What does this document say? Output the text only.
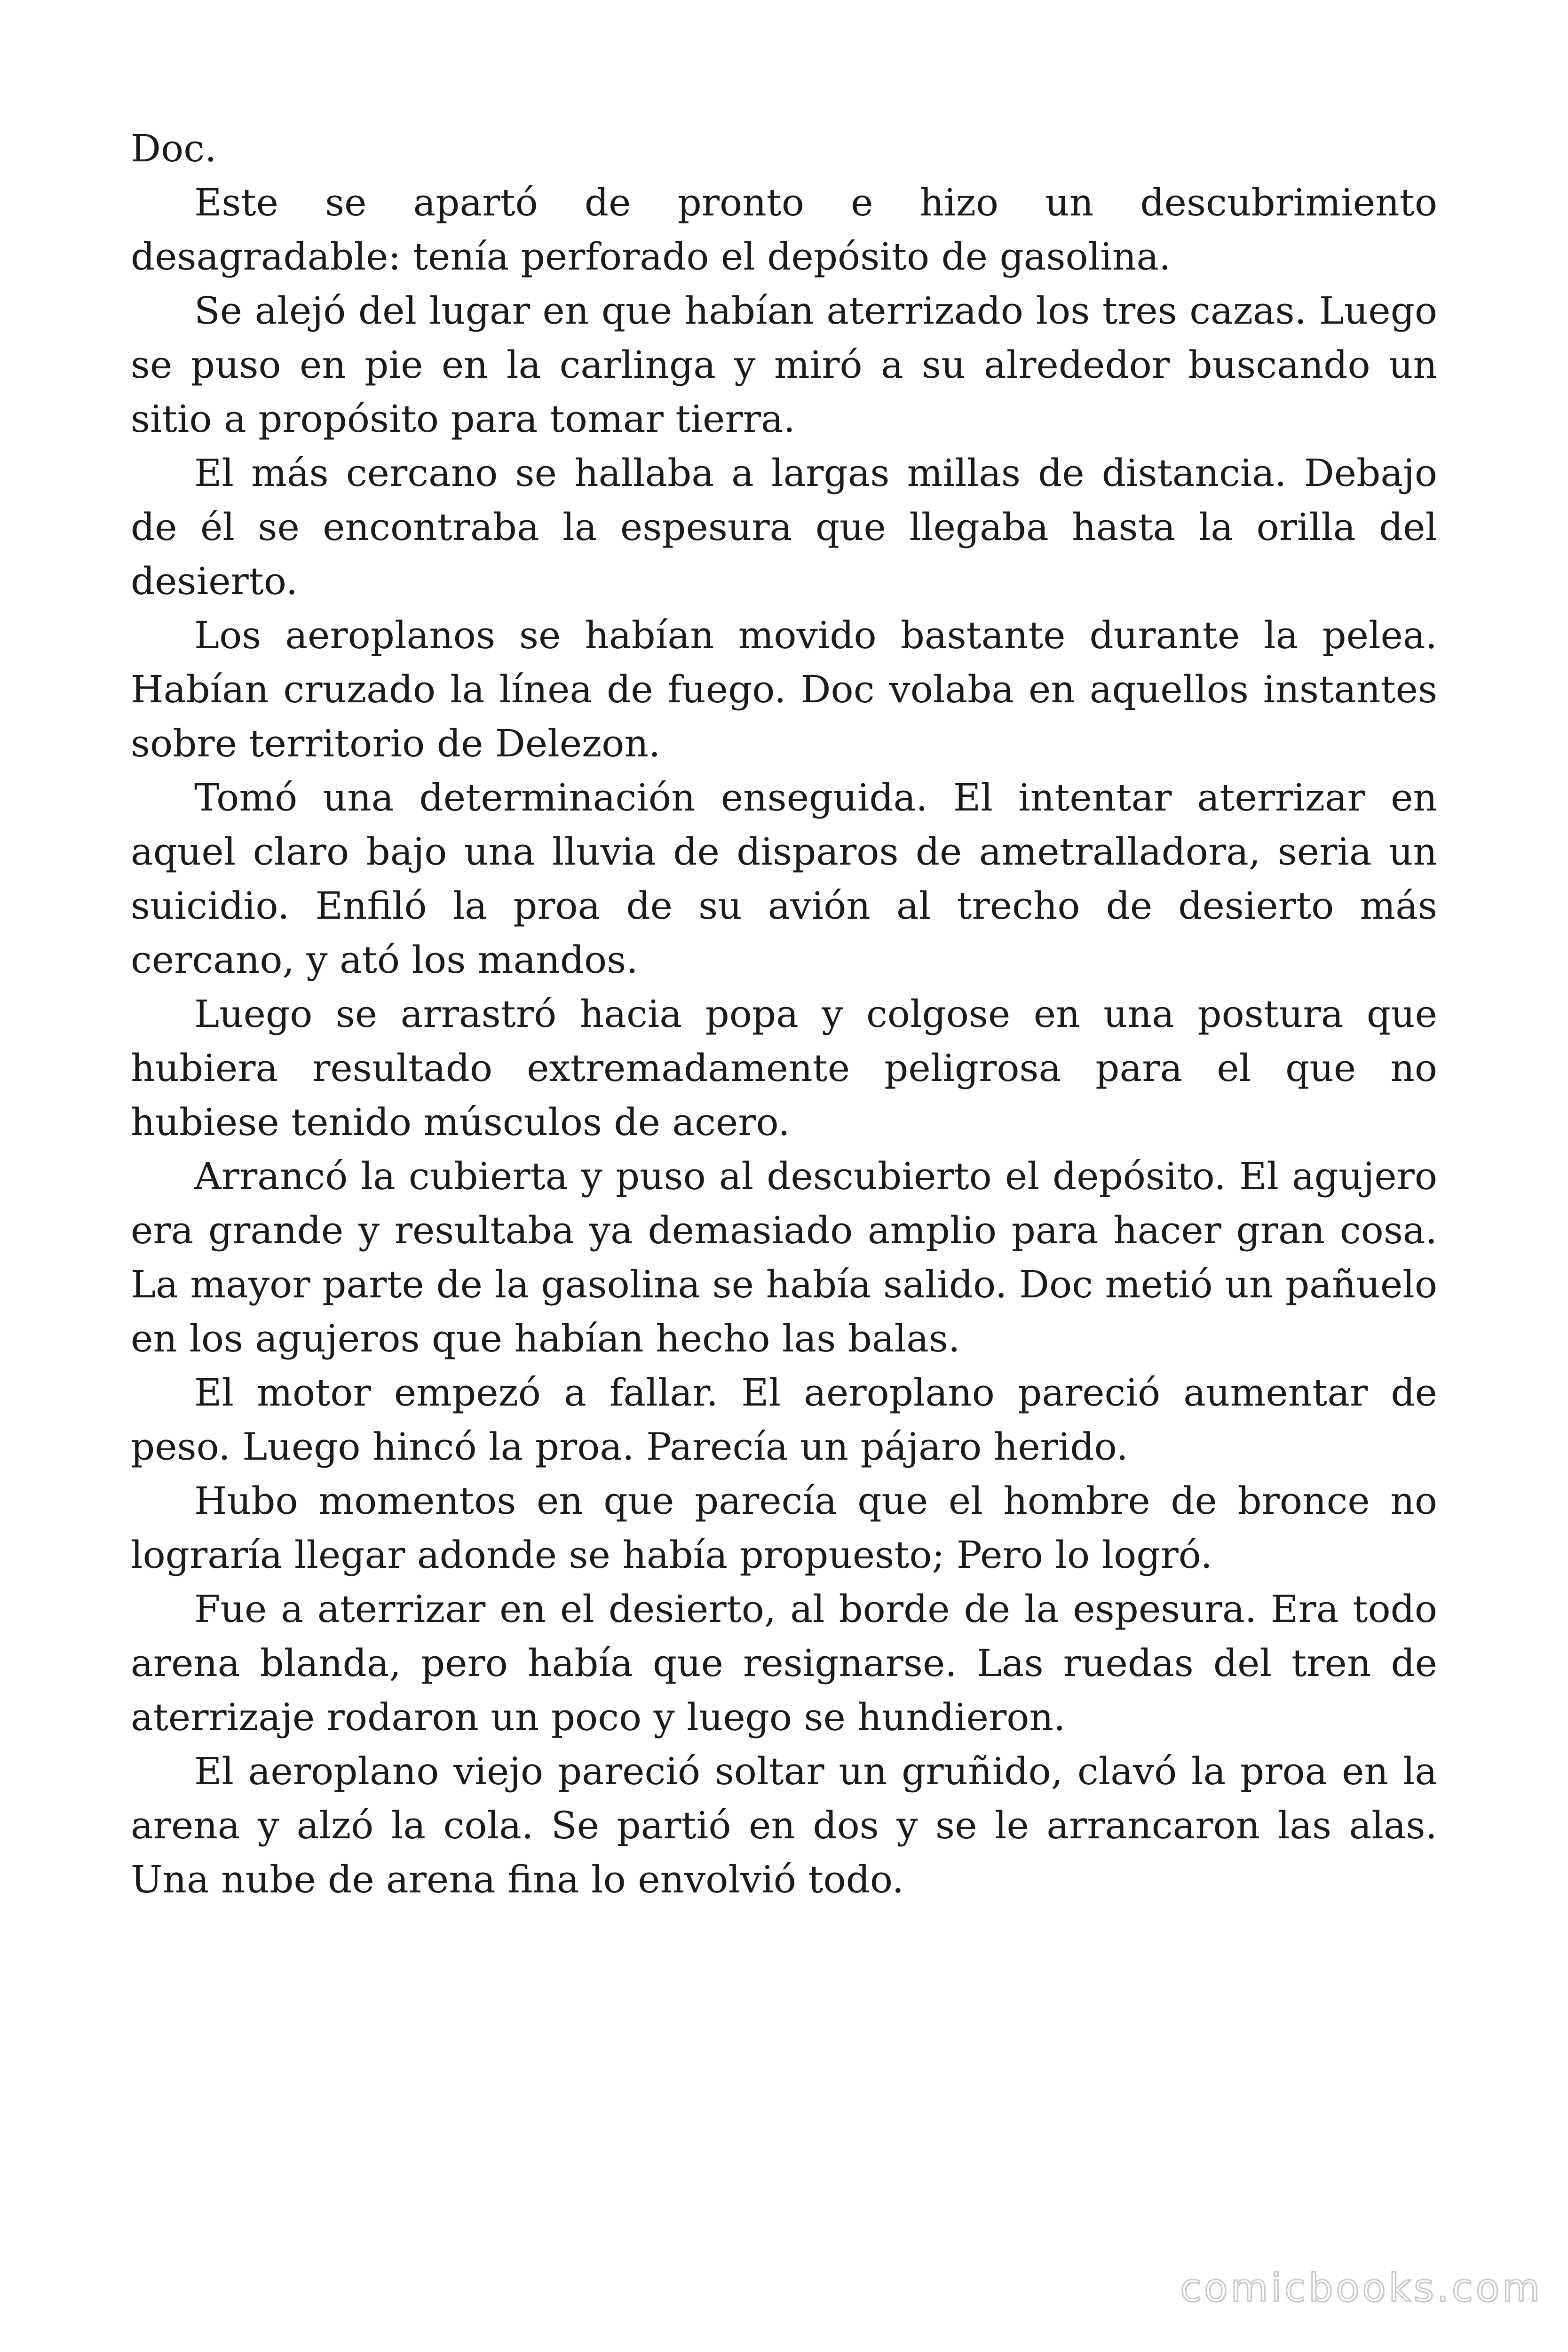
Doc.

Este se apartó de pronto e hizo un descubrimiento desagradable: tenía perforado el depósito de gasolina.

Se alejó del lugar en que habían aterrizado los tres cazas. Luego se puso en pie en la carlinga y miró a su alrededor buscando un sitio a propósito para tomar tierra.

El más cercano se hallaba a largas millas de distancia. Debajo de él se encontraba la espesura que llegaba hasta la orilla del desierto.

Los aeroplanos se habían movido bastante durante la pelea. Habían cruzado la línea de fuego. Doc volaba en aquellos instantes sobre territorio de Delezon.

Tomó una determinación enseguida. El intentar aterrizar en aquel claro bajo una lluvia de disparos de ametralladora, seria un suicidio. Enfiló la proa de su avión al trecho de desierto más cercano, y ató los mandos.

Luego se arrastró hacia popa y colgose en una postura que hubiera resultado extremadamente peligrosa para el que no hubiese tenido músculos de acero.

Arrancó la cubierta y puso al descubierto el depósito. El agujero era grande y resultaba ya demasiado amplio para hacer gran cosa. La mayor parte de la gasolina se había salido. Doc metió un pañuelo en los agujeros que habían hecho las balas.

El motor empezó a fallar. El aeroplano pareció aumentar de peso. Luego hincó la proa. Parecía un pájaro herido.

Hubo momentos en que parecía que el hombre de bronce no lograría llegar adonde se había propuesto; Pero lo logró.

Fue a aterrizar en el desierto, al borde de la espesura. Era todo arena blanda, pero había que resignarse. Las ruedas del tren de aterrizaje rodaron un poco y luego se hundieron.

El aeroplano viejo pareció soltar un gruñido, clavó la proa en la arena y alzó la cola. Se partió en dos y se le arrancaron las alas. Una nube de arena fina lo envolvió todo.

comicbooks.com
